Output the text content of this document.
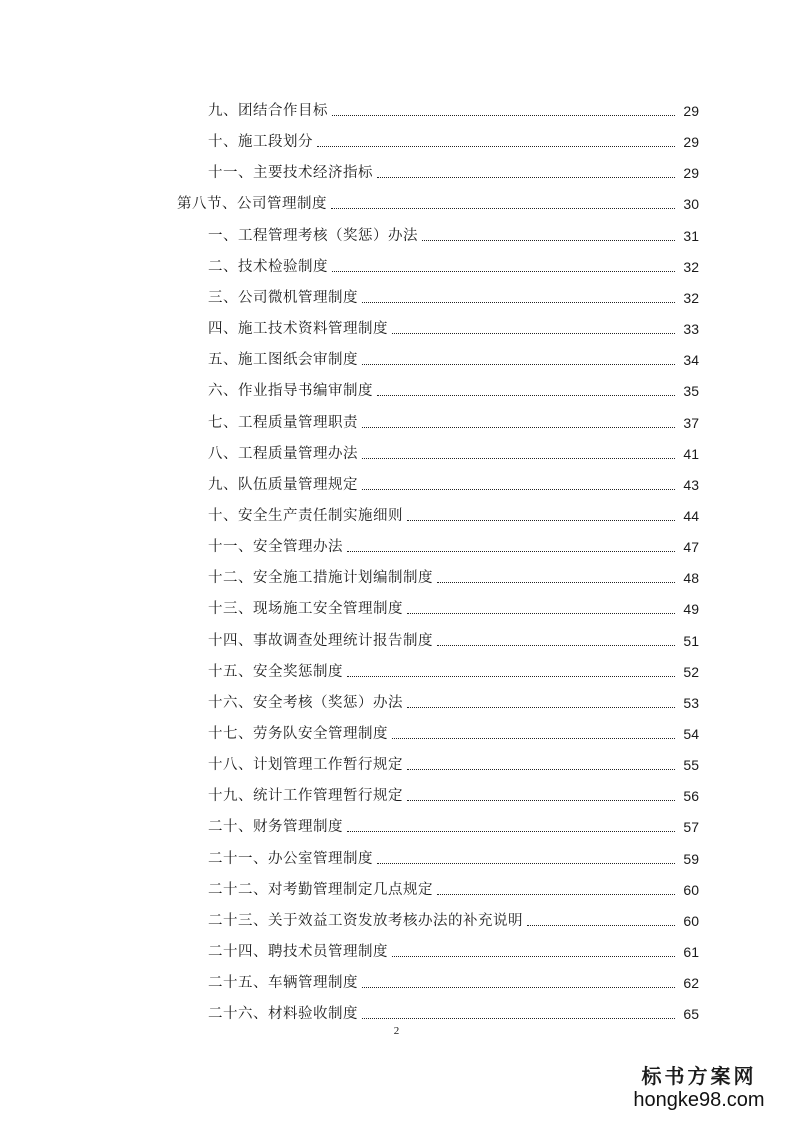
九、团结合作目标	29
十、施工段划分	29
十一、主要技术经济指标	29
第八节、公司管理制度	30
一、工程管理考核（奖惩）办法	31
二、技术检验制度	32
三、公司微机管理制度	32
四、施工技术资料管理制度	33
五、施工图纸会审制度	34
六、作业指导书编审制度	35
七、工程质量管理职责	37
八、工程质量管理办法	41
九、队伍质量管理规定	43
十、安全生产责任制实施细则	44
十一、安全管理办法	47
十二、安全施工措施计划编制制度	48
十三、现场施工安全管理制度	49
十四、事故调查处理统计报告制度	51
十五、安全奖惩制度	52
十六、安全考核（奖惩）办法	53
十七、劳务队安全管理制度	54
十八、计划管理工作暂行规定	55
十九、统计工作管理暂行规定	56
二十、财务管理制度	57
二十一、办公室管理制度	59
二十二、对考勤管理制定几点规定	60
二十三、关于效益工资发放考核办法的补充说明	60
二十四、聘技术员管理制度	61
二十五、车辆管理制度	62
二十六、材料验收制度	65
2
标书方案网
hongke98.com
